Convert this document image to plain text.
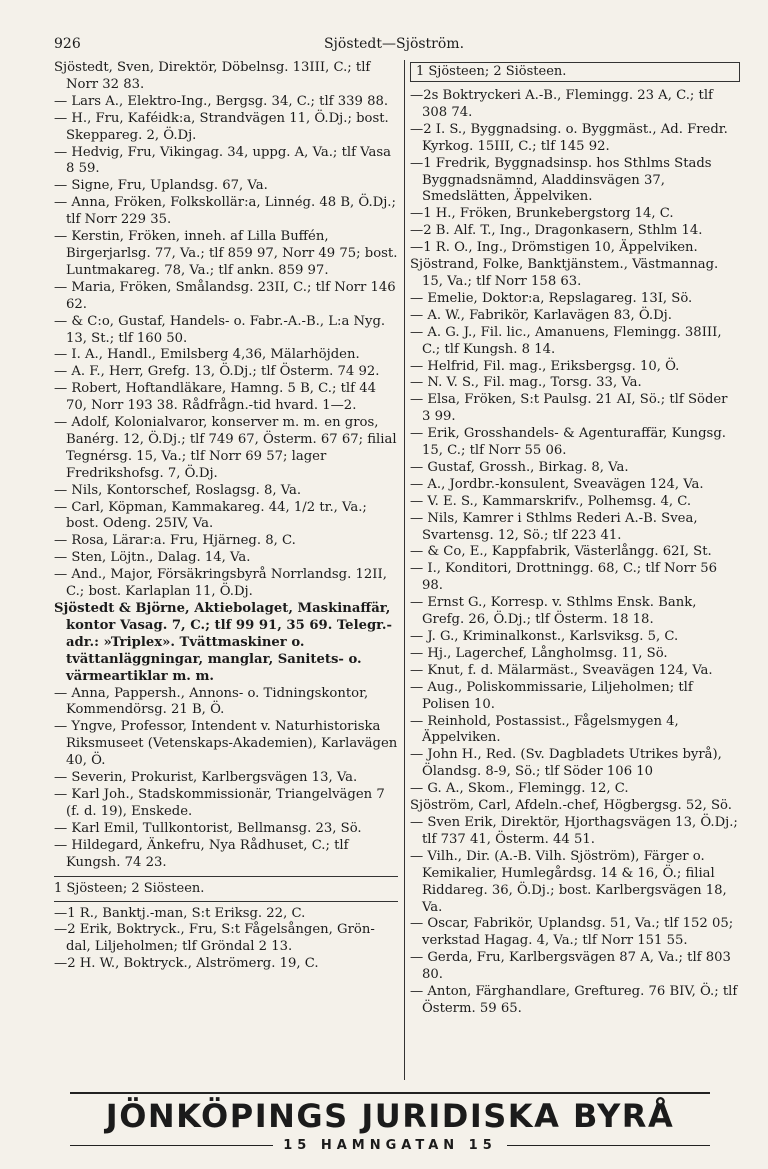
926	Sjöstedt—Sjöström.

Sjöstedt, Sven, Direktör, Döbelnsg. 13III, C.; tlf Norr 32 83.

— Lars A., Elektro-Ing., Bergsg. 34, C.; tlf 339 88.

— H., Fru, Kaféidk:a, Strandvägen 11, Ö.Dj.; bost. Skeppareg. 2, Ö.Dj.

— Hedvig, Fru, Vikingag. 34, uppg. A, Va.; tlf Vasa 8 59.

— Signe, Fru, Uplandsg. 67, Va.

— Anna, Fröken, Folkskollär:a, Linnég. 48 B, Ö.Dj.; tlf Norr 229 35.

— Kerstin, Fröken, inneh. af Lilla Buffén, Birgerjarlsg. 77, Va.; tlf 859 97, Norr 49 75; bost. Luntmakareg. 78, Va.; tlf ankn. 859 97.

— Maria, Fröken, Smålandsg. 23II, C.; tlf Norr 146 62.

— & C:o, Gustaf, Handels- o. Fabr.-A.-B., L:a Nyg. 13, St.; tlf 160 50.

— I. A., Handl., Emilsberg 4,36, Mälarhöjden.

— A. F., Herr, Grefg. 13, Ö.Dj.; tlf Österm. 74 92.

— Robert, Hoftandläkare, Hamng. 5 B, C.; tlf 44 70, Norr 193 38. Rådfrågn.-tid hvard. 1—2.

— Adolf, Kolonialvaror, konserver m. m. en gros, Banérg. 12, Ö.Dj.; tlf 749 67, Österm. 67 67; filial Tegnérsg. 15, Va.; tlf Norr 69 57; lager Fredrikshofsg. 7, Ö.Dj.

— Nils, Kontorschef, Roslagsg. 8, Va.

— Carl, Köpman, Kammakareg. 44, 1/2 tr., Va.; bost. Odeng. 25IV, Va.

— Rosa, Lärar:a. Fru, Hjärneg. 8, C.

— Sten, Löjtn., Dalag. 14, Va.

— And., Major, Försäkringsbyrå Norrlandsg. 12II, C.; bost. Karlaplan 11, Ö.Dj.

Sjöstedt & Björne, Aktiebolaget, Maskinaffär, kontor Vasag. 7, C.; tlf 99 91, 35 69. Telegr.-adr.: »Triplex». Tvättmaskiner o. tvättanläggningar, manglar, Sanitets- o. värmeartiklar m. m.

— Anna, Pappersh., Annons- o. Tidningskontor, Kommendörsg. 21 B, Ö.

— Yngve, Professor, Intendent v. Naturhistoriska Riksmuseet (Vetenskaps-Akademien), Karlavägen 40, Ö.

— Severin, Prokurist, Karlbergsvägen 13, Va.

— Karl Joh., Stadskommissionär, Triangelvägen 7 (f. d. 19), Enskede.

— Karl Emil, Tullkontorist, Bellmansg. 23, Sö.

— Hildegard, Änkefru, Nya Rådhuset, C.; tlf Kungsh. 74 23.

1 Sjösteen; 2 Siösteen.

—1 R., Banktj.-man, S:t Eriksg. 22, C.

—2 Erik, Boktryck., Fru, S:t Fågelsången, Grön-dal, Liljeholmen; tlf Gröndal 2 13.

—2 H. W., Boktryck., Alströmerg. 19, C.

1 Sjösteen; 2 Siösteen.

—2s Boktryckeri A.-B., Flemingg. 23 A, C.; tlf 308 74.

—2 I. S., Byggnadsing. o. Byggmäst., Ad. Fredr. Kyrkog. 15III, C.; tlf 145 92.

—1 Fredrik, Byggnadsinsp. hos Sthlms Stads Byggnadsnämnd, Aladdinsvägen 37, Smedslätten, Äppelviken.

—1 H., Fröken, Brunkebergstorg 14, C.

—2 B. Alf. T., Ing., Dragonkasern, Sthlm 14.

—1 R. O., Ing., Drömstigen 10, Äppelviken.

Sjöstrand, Folke, Banktjänstem., Västmannag. 15, Va.; tlf Norr 158 63.

— Emelie, Doktor:a, Repslagareg. 13I, Sö.

— A. W., Fabrikör, Karlavägen 83, Ö.Dj.

— A. G. J., Fil. lic., Amanuens, Flemingg. 38III, C.; tlf Kungsh. 8 14.

— Helfrid, Fil. mag., Eriksbergsg. 10, Ö.

— N. V. S., Fil. mag., Torsg. 33, Va.

— Elsa, Fröken, S:t Paulsg. 21 AI, Sö.; tlf Söder 3 99.

— Erik, Grosshandels- & Agenturaffär, Kungsg. 15, C.; tlf Norr 55 06.

— Gustaf, Grossh., Birkag. 8, Va.

— A., Jordbr.-konsulent, Sveavägen 124, Va.

— V. E. S., Kammarskrifv., Polhemsg. 4, C.

— Nils, Kamrer i Sthlms Rederi A.-B. Svea, Svartensg. 12, Sö.; tlf 223 41.

— & Co, E., Kappfabrik, Västerlångg. 62I, St.

— I., Konditori, Drottningg. 68, C.; tlf Norr 56 98.

— Ernst G., Korresp. v. Sthlms Ensk. Bank, Grefg. 26, Ö.Dj.; tlf Österm. 18 18.

— J. G., Kriminalkonst., Karlsviksg. 5, C.

— Hj., Lagerchef, Långholmsg. 11, Sö.

— Knut, f. d. Mälarmäst., Sveavägen 124, Va.

— Aug., Poliskommissarie, Liljeholmen; tlf Polisen 10.

— Reinhold, Postassist., Fågelsmygen 4, Äppelviken.

— John H., Red. (Sv. Dagbladets Utrikes byrå), Ölandsg. 8-9, Sö.; tlf Söder 106 10

— G. A., Skom., Flemingg. 12, C.

Sjöström, Carl, Afdeln.-chef, Högbergsg. 52, Sö.

— Sven Erik, Direktör, Hjorthagsvägen 13, Ö.Dj.; tlf 737 41, Österm. 44 51.

— Vilh., Dir. (A.-B. Vilh. Sjöström), Färger o. Kemikalier, Humlegårdsg. 14 & 16, Ö.; filial Riddareg. 36, Ö.Dj.; bost. Karlbergsvägen 18, Va.

— Oscar, Fabrikör, Uplandsg. 51, Va.; tlf 152 05; verkstad Hagag. 4, Va.; tlf Norr 151 55.

— Gerda, Fru, Karlbergsvägen 87 A, Va.; tlf 803 80.

— Anton, Färghandlare, Greftureg. 76 BIV, Ö.; tlf Österm. 59 65.

JÖNKÖPINGS JURIDISKA BYRÅ
15 HAMNGATAN 15
